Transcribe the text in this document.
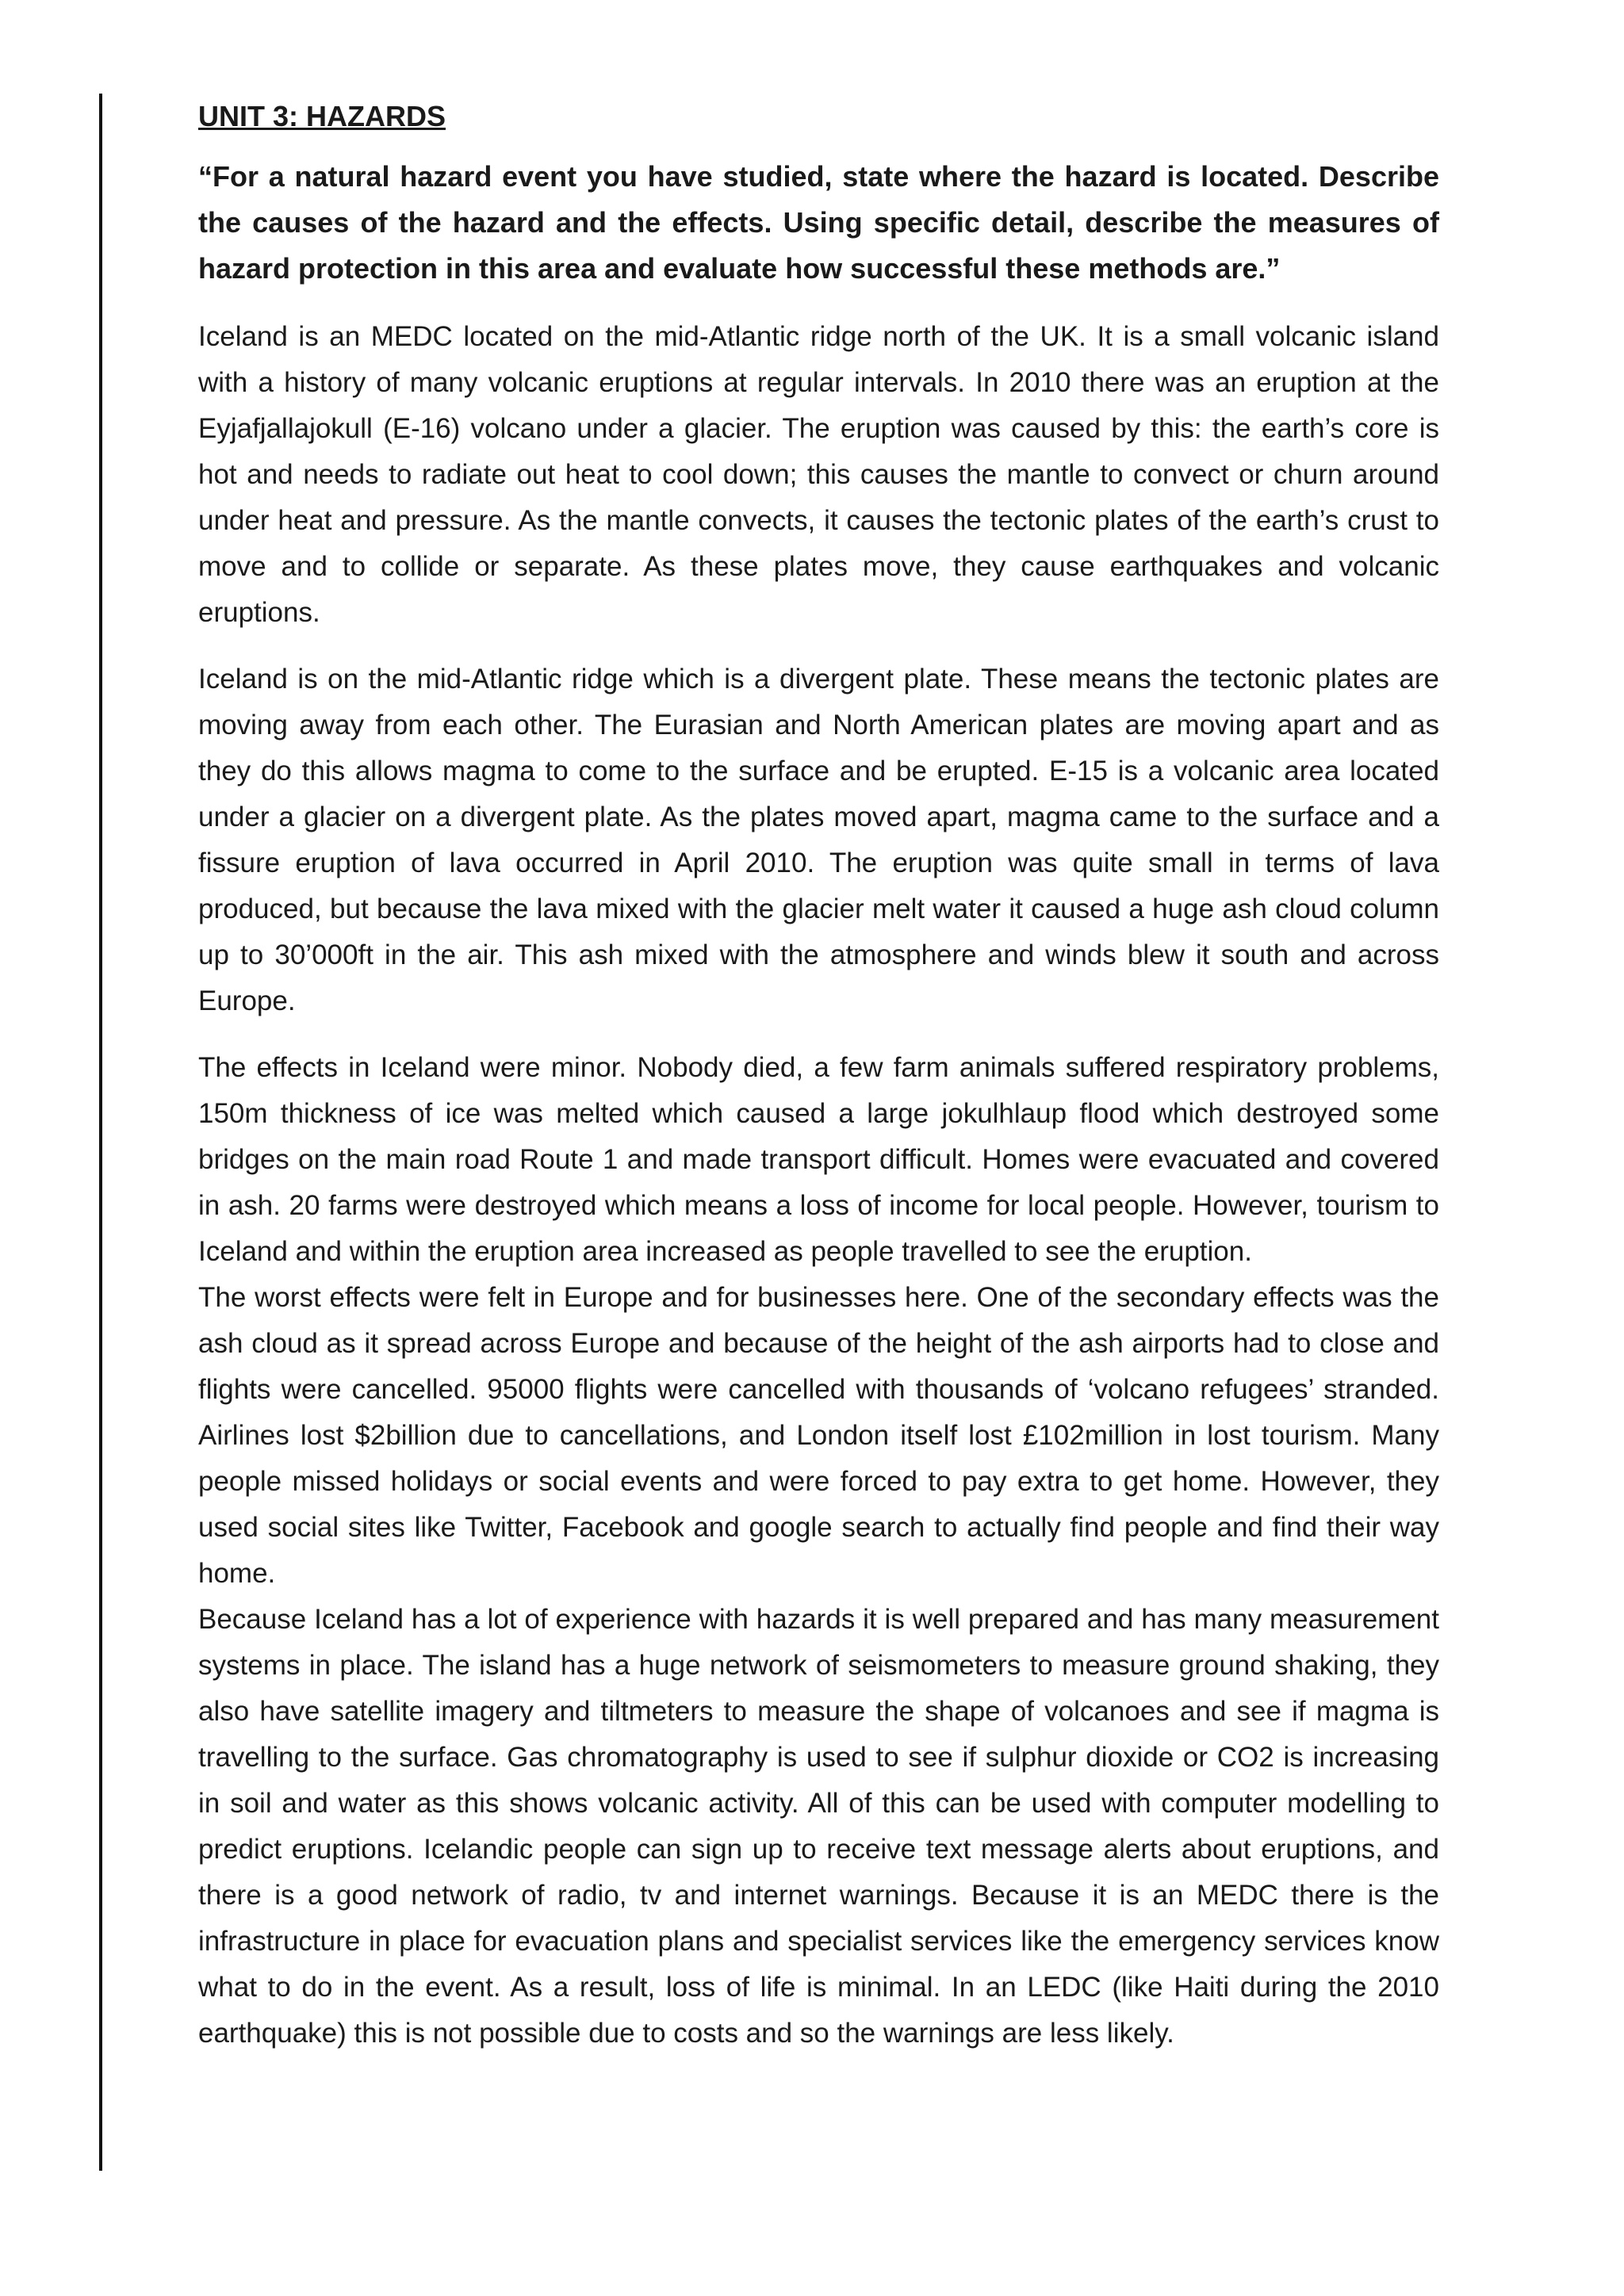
UNIT 3: HAZARDS

“For a natural hazard event you have studied, state where the hazard is located. Describe the causes of the hazard and the effects. Using specific detail, describe the measures of hazard protection in this area and evaluate how successful these methods are.”

Iceland is an MEDC located on the mid-Atlantic ridge north of the UK. It is a small volcanic island with a history of many volcanic eruptions at regular intervals. In 2010 there was an eruption at the Eyjafjallajokull (E-16) volcano under a glacier. The eruption was caused by this: the earth’s core is hot and needs to radiate out heat to cool down; this causes the mantle to convect or churn around under heat and pressure. As the mantle convects, it causes the tectonic plates of the earth’s crust to move and to collide or separate. As these plates move, they cause earthquakes and volcanic eruptions.

Iceland is on the mid-Atlantic ridge which is a divergent plate. These means the tectonic plates are moving away from each other. The Eurasian and North American plates are moving apart and as they do this allows magma to come to the surface and be erupted. E-15 is a volcanic area located under a glacier on a divergent plate. As the plates moved apart, magma came to the surface and a fissure eruption of lava occurred in April 2010. The eruption was quite small in terms of lava produced, but because the lava mixed with the glacier melt water it caused a huge ash cloud column up to 30’000ft in the air. This ash mixed with the atmosphere and winds blew it south and across Europe.

The effects in Iceland were minor. Nobody died, a few farm animals suffered respiratory problems, 150m thickness of ice was melted which caused a large jokulhlaup flood which destroyed some bridges on the main road Route 1 and made transport difficult. Homes were evacuated and covered in ash. 20 farms were destroyed which means a loss of income for local people. However, tourism to Iceland and within the eruption area increased as people travelled to see the eruption.

The worst effects were felt in Europe and for businesses here. One of the secondary effects was the ash cloud as it spread across Europe and because of the height of the ash airports had to close and flights were cancelled. 95000 flights were cancelled with thousands of ‘volcano refugees’ stranded. Airlines lost $2billion due to cancellations, and London itself lost £102million in lost tourism. Many people missed holidays or social events and were forced to pay extra to get home. However, they used social sites like Twitter, Facebook and google search to actually find people and find their way home.

Because Iceland has a lot of experience with hazards it is well prepared and has many measurement systems in place. The island has a huge network of seismometers to measure ground shaking, they also have satellite imagery and tiltmeters to measure the shape of volcanoes and see if magma is travelling to the surface. Gas chromatography is used to see if sulphur dioxide or CO2 is increasing in soil and water as this shows volcanic activity. All of this can be used with computer modelling to predict eruptions. Icelandic people can sign up to receive text message alerts about eruptions, and there is a good network of radio, tv and internet warnings. Because it is an MEDC there is the infrastructure in place for evacuation plans and specialist services like the emergency services know what to do in the event. As a result, loss of life is minimal. In an LEDC (like Haiti during the 2010 earthquake) this is not possible due to costs and so the warnings are less likely.
